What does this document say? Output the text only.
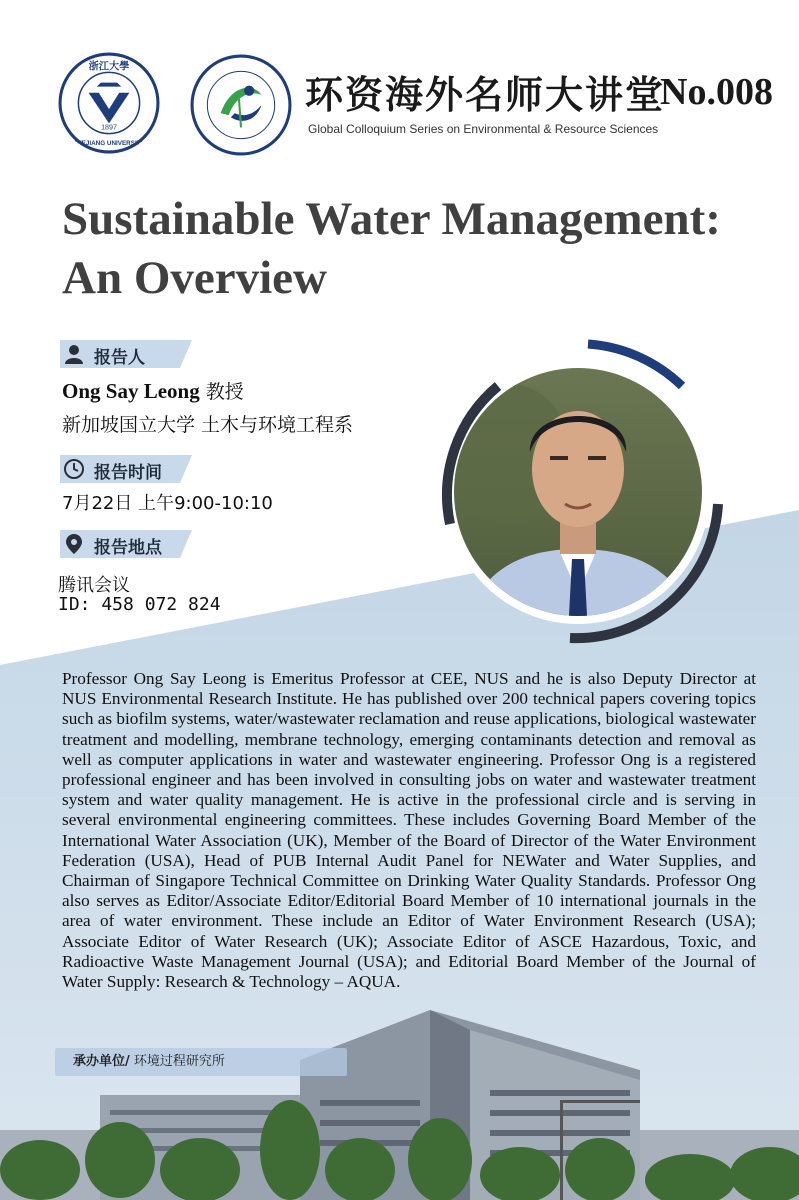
1897
浙江大學
ZHEJIANG UNIVERSITY
环资海外名师大讲堂
No.008
Global Colloquium Series on Environmental & Resource Sciences
Sustainable Water Management:
An Overview
报告人
Ong Say Leong 教授
新加坡国立大学 土木与环境工程系
报告时间
7月22日 上午9:00-10:10
报告地点
腾讯会议
ID: 458 072 824

Professor Ong Say Leong is Emeritus Professor at CEE, NUS and he is also Deputy Director at NUS Environmental Research Institute. He has published over 200 technical papers covering topics such as biofilm systems, water/wastewater reclamation and reuse applications, biological wastewater treatment and modelling, membrane technology, emerging contaminants detection and removal as well as computer applications in water and wastewater engineering. Professor Ong is a registered professional engineer and has been involved in consulting jobs on water and wastewater treatment system and water quality management. He is active in the professional circle and is serving in several environmental engineering committees. These includes Governing Board Member of the International Water Association (UK), Member of the Board of Director of the Water Environment Federation (USA), Head of PUB Internal Audit Panel for NEWater and Water Supplies, and Chairman of Singapore Technical Committee on Drinking Water Quality Standards. Professor Ong also serves as Editor/Associate Editor/Editorial Board Member of 10 international journals in the area of water environment. These include an Editor of Water Environment Research (USA); Associate Editor of Water Research (UK); Associate Editor of ASCE Hazardous, Toxic, and Radioactive Waste Management Journal (USA); and Editorial Board Member of the Journal of Water Supply: Research & Technology – AQUA.

承办单位/ 环境过程研究所
